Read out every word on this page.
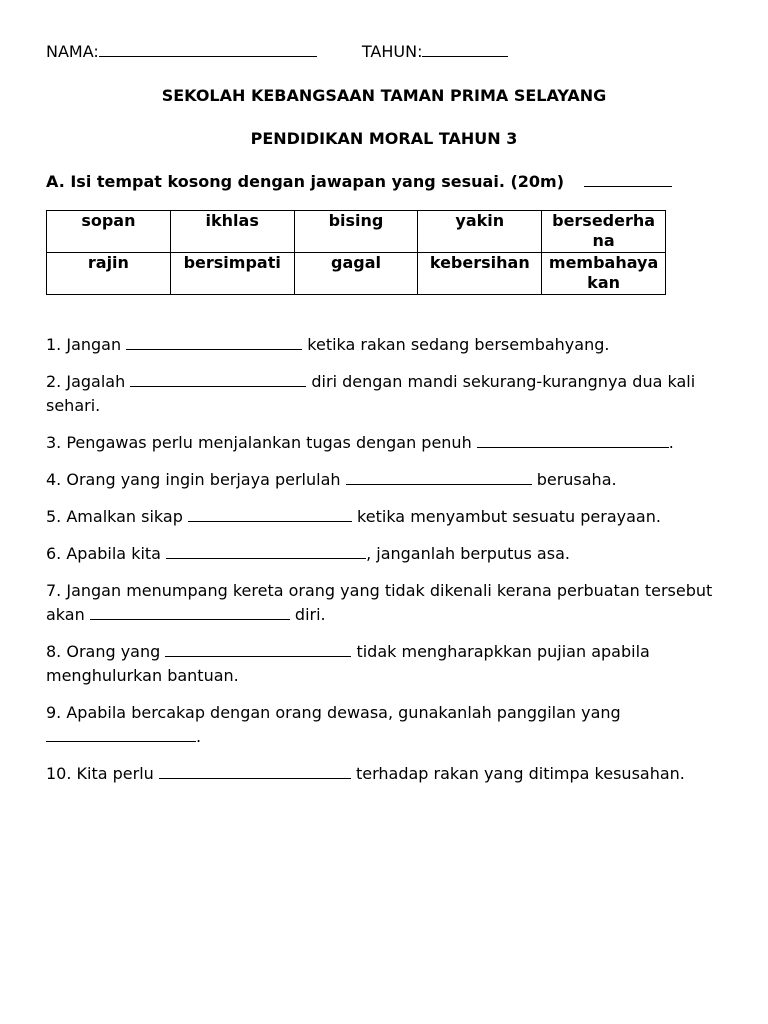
NAMA:	TAHUN:
SEKOLAH KEBANGSAAN TAMAN PRIMA SELAYANG
PENDIDIKAN MORAL TAHUN 3
A. Isi tempat kosong dengan jawapan yang sesuai. (20m)
sopan	ikhlas	bising	yakin	bersederhana
rajin	bersimpati	gagal	kebersihan	membahayakan

1. Jangan	ketika rakan sedang bersembahyang.

2. Jagalah	diri dengan mandi sekurang-kurangnya dua kali sehari.

3. Pengawas perlu menjalankan tugas dengan penuh	.

4. Orang yang ingin berjaya perlulah	berusaha.

5. Amalkan sikap	ketika menyambut sesuatu perayaan.

6. Apabila kita	, janganlah berputus asa.

7. Jangan menumpang kereta orang yang tidak dikenali kerana perbuatan tersebut akan	diri.

8. Orang yang	tidak mengharapkkan pujian apabila menghulurkan bantuan.

9. Apabila bercakap dengan orang dewasa, gunakanlah panggilan yang .

10. Kita perlu	terhadap rakan yang ditimpa kesusahan.
